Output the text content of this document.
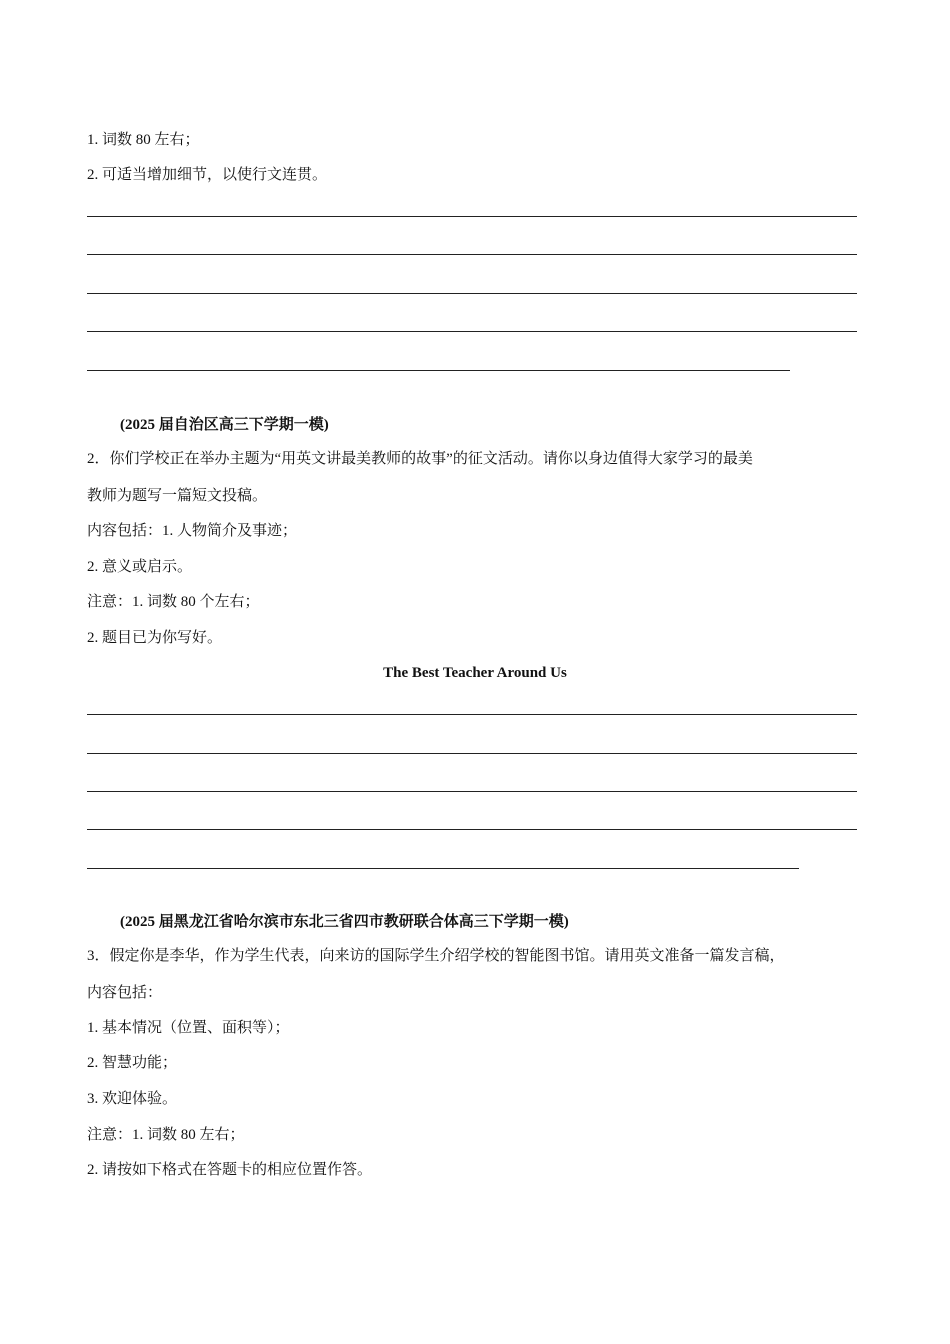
1. 词数 80 左右；
2. 可适当增加细节，以使行文连贯。
(2025 届自治区高三下学期一模)
2．你们学校正在举办主题为“用英文讲最美教师的故事”的征文活动。请你以身边值得大家学习的最美
教师为题写一篇短文投稿。
内容包括：1. 人物简介及事迹；
2. 意义或启示。
注意：1. 词数 80 个左右；
2. 题目已为你写好。
The Best Teacher Around Us
(2025 届黑龙江省哈尔滨市东北三省四市教研联合体高三下学期一模)
3．假定你是李华，作为学生代表，向来访的国际学生介绍学校的智能图书馆。请用英文准备一篇发言稿，
内容包括：
1. 基本情况（位置、面积等）；
2. 智慧功能；
3. 欢迎体验。
注意：1. 词数 80 左右；
2. 请按如下格式在答题卡的相应位置作答。
